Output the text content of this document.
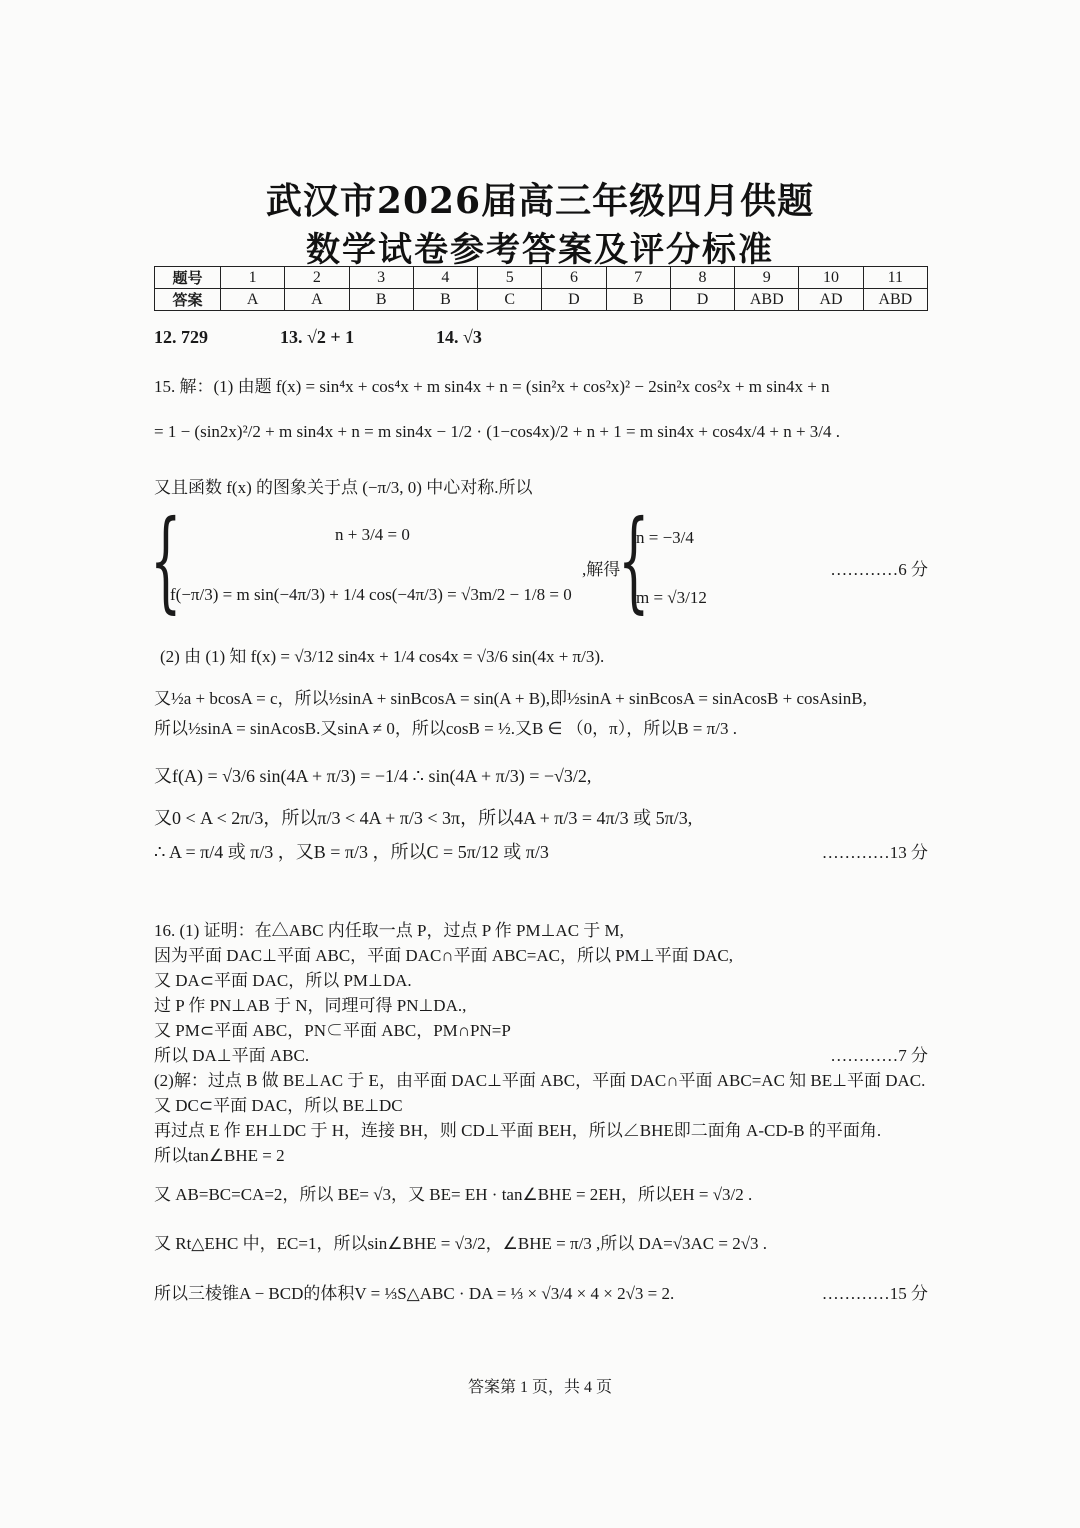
武汉市2026届高三年级四月供题
数学试卷参考答案及评分标准
题号	1	2	3	4	5	6	7	8	9	10	11
答案	A	A	B	B	C	D	B	D	ABD	AD	ABD
12. 729	13. √2 + 1	14. √3
15. 解：(1) 由题 f(x) = sin⁴x + cos⁴x + m sin4x + n = (sin²x + cos²x)² − 2sin²x cos²x + m sin4x + n
= 1 − (sin2x)²/2 + m sin4x + n = m sin4x − 1/2 · (1−cos4x)/2 + n + 1 = m sin4x + cos4x/4 + n + 3/4 .
又且函数 f(x) 的图象关于点 (−π/3, 0) 中心对称.所以
{	n + 3/4 = 0
f(−π/3) = m sin(−4π/3) + 1/4 cos(−4π/3) = √3m/2 − 1/8 = 0
,解得
{
n = −3/4
m = √3/12
…………6 分
(2) 由 (1) 知 f(x) = √3/12 sin4x + 1/4 cos4x = √3/6 sin(4x + π/3).
又½a + bcosA = c，所以½sinA + sinBcosA = sin(A + B),即½sinA + sinBcosA = sinAcosB + cosAsinB,
所以½sinA = sinAcosB.又sinA ≠ 0，所以cosB = ½.又B ∈ （0，π），所以B = π/3 .
又f(A) = √3/6 sin(4A + π/3) = −1/4 ∴ sin(4A + π/3) = −√3/2,
又0 < A < 2π/3，所以π/3 < 4A + π/3 < 3π，所以4A + π/3 = 4π/3 或 5π/3,
∴ A = π/4 或 π/3 ，又B = π/3 ，所以C = 5π/12 或 π/3	…………13 分
16. (1) 证明：在△ABC 内任取一点 P，过点 P 作 PM⊥AC 于 M,
因为平面 DAC⊥平面 ABC，平面 DAC∩平面 ABC=AC，所以 PM⊥平面 DAC,
又 DA⊂平面 DAC，所以 PM⊥DA.
过 P 作 PN⊥AB 于 N，同理可得 PN⊥DA.,
又 PM⊂平面 ABC，PN⊂平面 ABC，PM∩PN=P
所以 DA⊥平面 ABC.	…………7 分
(2)解：过点 B 做 BE⊥AC 于 E，由平面 DAC⊥平面 ABC，平面 DAC∩平面 ABC=AC 知 BE⊥平面 DAC.
又 DC⊂平面 DAC，所以 BE⊥DC
再过点 E 作 EH⊥DC 于 H，连接 BH，则 CD⊥平面 BEH，所以∠BHE即二面角 A-CD-B 的平面角.
所以tan∠BHE = 2
又 AB=BC=CA=2，所以 BE= √3，又 BE= EH · tan∠BHE = 2EH，所以EH = √3/2 .
又 Rt△EHC 中，EC=1，所以sin∠BHE = √3/2，∠BHE = π/3 ,所以 DA=√3AC = 2√3 .
所以三棱锥A − BCD的体积V = ⅓S△ABC · DA = ⅓ × √3/4 × 4 × 2√3 = 2.	…………15 分
答案第 1 页，共 4 页
